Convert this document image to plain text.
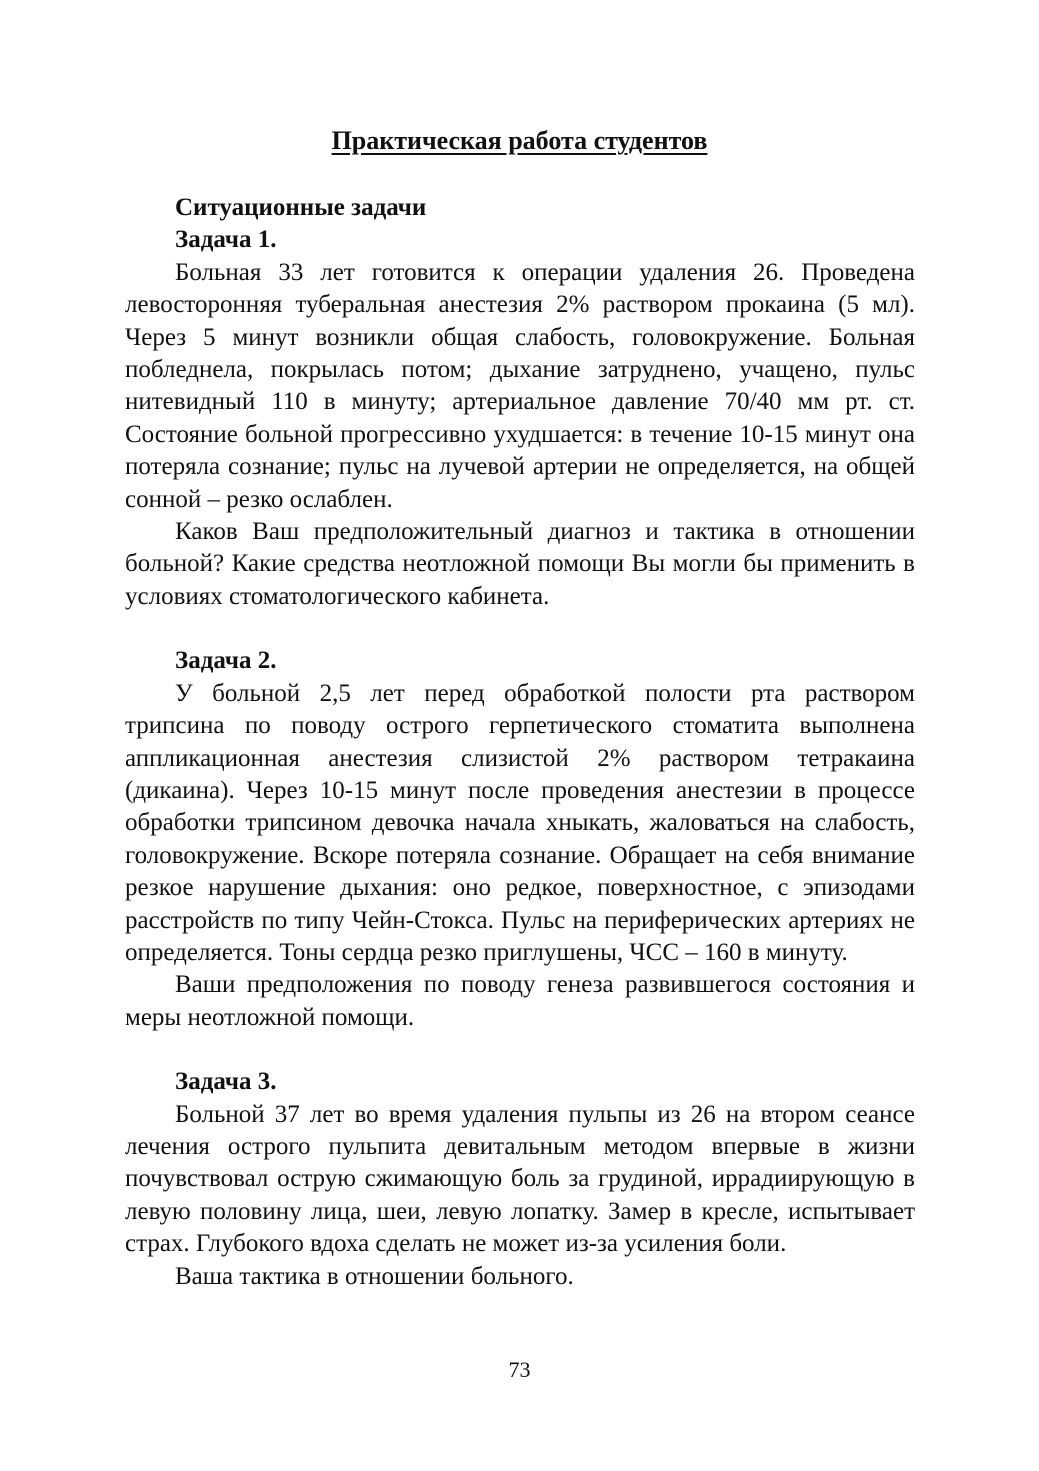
Практическая работа студентов
Ситуационные задачи
Задача 1.
Больная 33 лет готовится к операции удаления 26. Проведена левосторонняя туберальная анестезия 2% раствором прокаина (5 мл). Через 5 минут возникли общая слабость, головокружение. Больная побледнела, покрылась потом; дыхание затруднено, учащено, пульс нитевидный 110 в минуту; артериальное давление 70/40 мм рт. ст. Состояние больной прогрессивно ухудшается: в течение 10-15 минут она потеряла сознание; пульс на лучевой артерии не определяется, на общей сонной – резко ослаблен.
Каков Ваш предположительный диагноз и тактика в отношении больной? Какие средства неотложной помощи Вы могли бы применить в условиях стоматологического кабинета.
Задача 2.
У больной 2,5 лет перед обработкой полости рта раствором трипсина по поводу острого герпетического стоматита выполнена аппликационная анестезия слизистой 2% раствором тетракаина (дикаина). Через 10-15 минут после проведения анестезии в процессе обработки трипсином девочка начала хныкать, жаловаться на слабость, головокружение. Вскоре потеряла сознание. Обращает на себя внимание резкое нарушение дыхания: оно редкое, поверхностное, с эпизодами расстройств по типу Чейн-Стокса. Пульс на периферических артериях не определяется. Тоны сердца резко приглушены, ЧСС – 160 в минуту.
Ваши предположения по поводу генеза развившегося состояния и меры неотложной помощи.
Задача 3.
Больной 37 лет во время удаления пульпы из 26 на втором сеансе лечения острого пульпита девитальным методом впервые в жизни почувствовал острую сжимающую боль за грудиной, иррадиирующую в левую половину лица, шеи, левую лопатку. Замер в кресле, испытывает страх. Глубокого вдоха сделать не может из-за усиления боли.
Ваша тактика в отношении больного.
73
